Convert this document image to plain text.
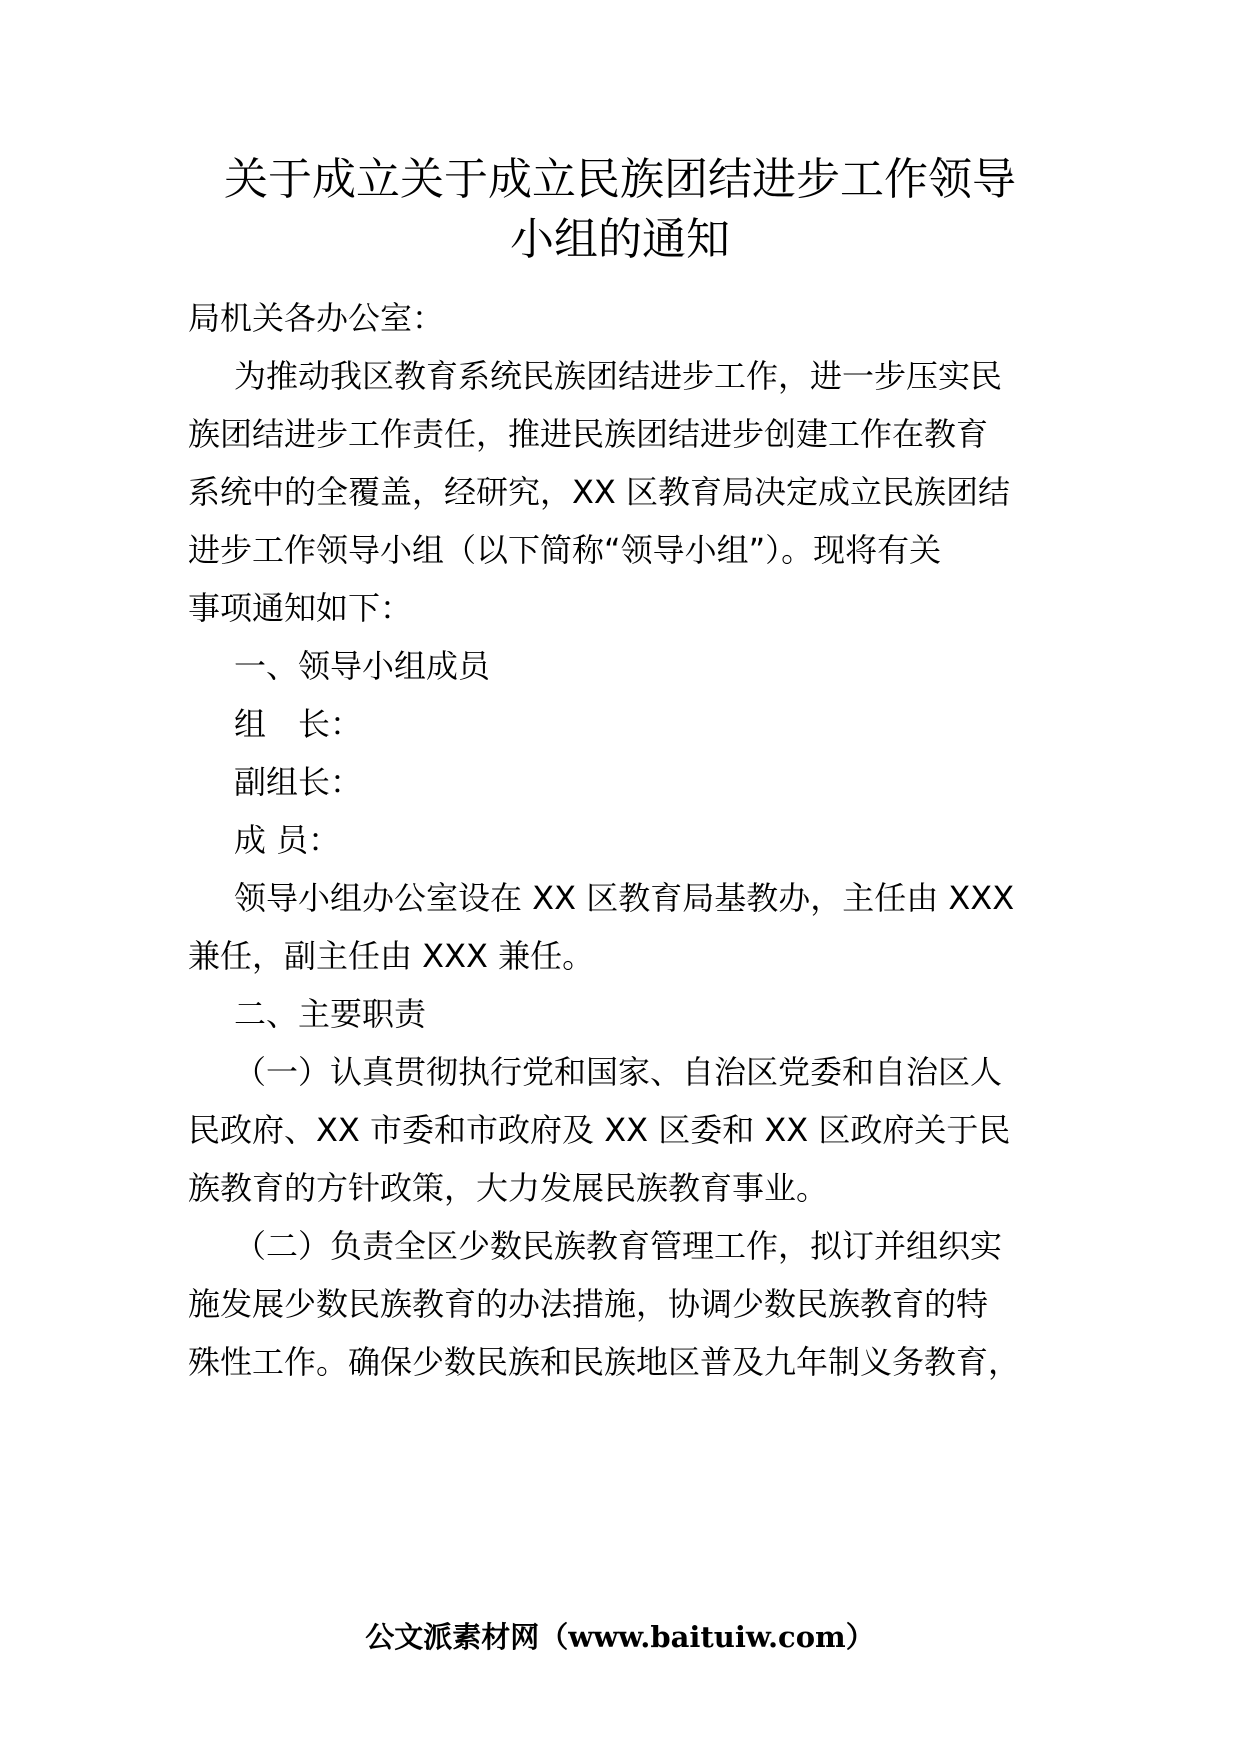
关于成立关于成立民族团结进步工作领导
小组的通知
局机关各办公室：
为推动我区教育系统民族团结进步工作，进一步压实民
族团结进步工作责任，推进民族团结进步创建工作在教育
系统中的全覆盖，经研究，XX 区教育局决定成立民族团结
进步工作领导小组（以下简称“领导小组”）。现将有关
事项通知如下：
一、领导小组成员
组　长：
副组长：
成 员：
领导小组办公室设在 XX 区教育局基教办，主任由 XXX
兼任，副主任由 XXX 兼任。
二、主要职责
（一）认真贯彻执行党和国家、自治区党委和自治区人
民政府、XX 市委和市政府及 XX 区委和 XX 区政府关于民
族教育的方针政策，大力发展民族教育事业。
（二）负责全区少数民族教育管理工作，拟订并组织实
施发展少数民族教育的办法措施，协调少数民族教育的特
殊性工作。确保少数民族和民族地区普及九年制义务教育，
公文派素材网（www.baituiw.com）
